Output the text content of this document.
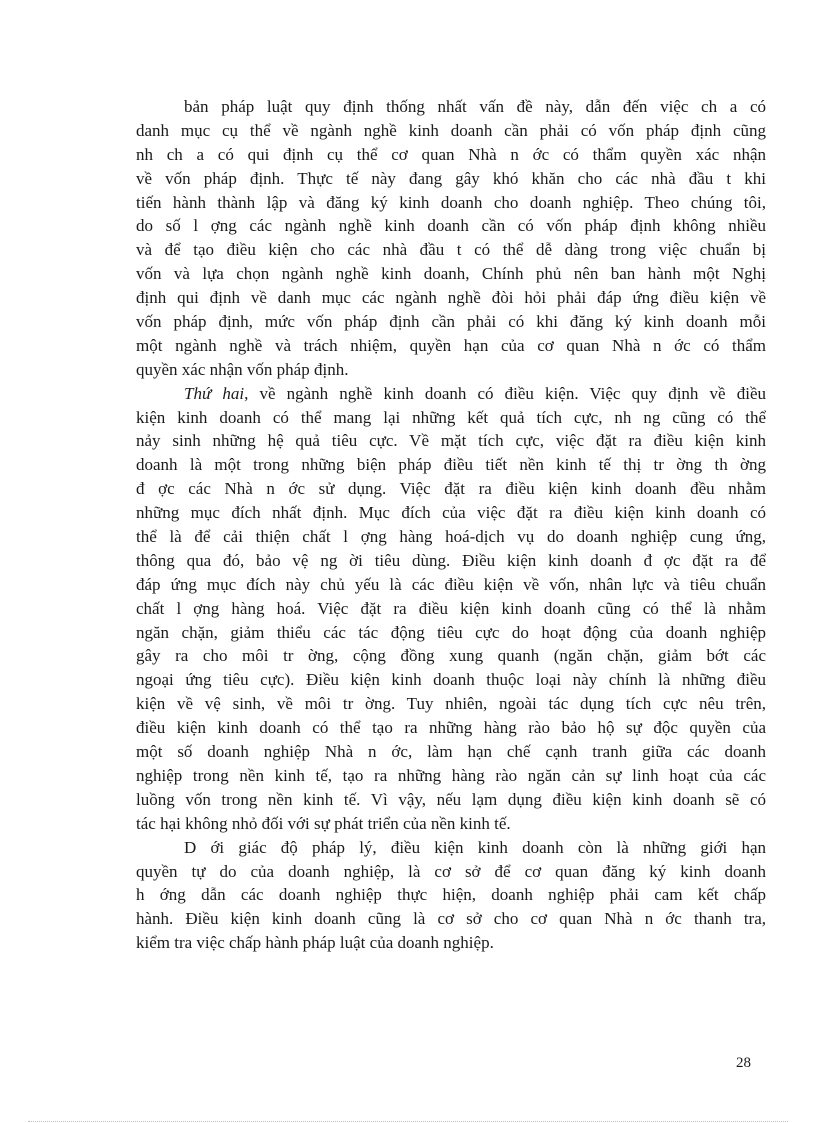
bản pháp luật quy định thống nhất vấn đề này, dẫn đến việc ch a có
danh mục cụ thể về ngành nghề kinh doanh cần phải có vốn pháp định cũng
nh ch a có qui định cụ thể cơ quan Nhà n ớc có thẩm quyền xác nhận
về vốn pháp định. Thực tế này đang gây khó khăn cho các nhà đầu t khi
tiến hành thành lập và đăng ký kinh doanh cho doanh nghiệp. Theo chúng tôi,
do số l ợng các ngành nghề kinh doanh cần có vốn pháp định không nhiều
và để tạo điều kiện cho các nhà đầu t có thể dễ dàng trong việc chuẩn bị
vốn và lựa chọn ngành nghề kinh doanh, Chính phủ nên ban hành một Nghị
định qui định về danh mục các ngành nghề đòi hỏi phải đáp ứng điều kiện về
vốn pháp định, mức vốn pháp định cần phải có khi đăng ký kinh doanh mỗi
một ngành nghề và trách nhiệm, quyền hạn của cơ quan Nhà n ớc có thẩm
quyền xác nhận vốn pháp định.
Thứ hai, về ngành nghề kinh doanh có điều kiện. Việc quy định về điều
kiện kinh doanh có thể mang lại những kết quả tích cực, nh ng cũng có thể
nảy sinh những hệ quả tiêu cực. Về mặt tích cực, việc đặt ra điều kiện kinh
doanh là một trong những biện pháp điều tiết nền kinh tế thị tr ờng th ờng
đ ợc các Nhà n ớc sử dụng. Việc đặt ra điều kiện kinh doanh đều nhằm
những mục đích nhất định. Mục đích của việc đặt ra điều kiện kinh doanh có
thể là để cải thiện chất l ợng hàng hoá-dịch vụ do doanh nghiệp cung ứng,
thông qua đó, bảo vệ ng ời tiêu dùng. Điều kiện kinh doanh đ ợc đặt ra để
đáp ứng mục đích này chủ yếu là các điều kiện về vốn, nhân lực và tiêu chuẩn
chất l ợng hàng hoá. Việc đặt ra điều kiện kinh doanh cũng có thể là nhằm
ngăn chặn, giảm thiểu các tác động tiêu cực do hoạt động của doanh nghiệp
gây ra cho môi tr ờng, cộng đồng xung quanh (ngăn chặn, giảm bớt các
ngoại ứng tiêu cực). Điều kiện kinh doanh thuộc loại này chính là những điều
kiện về vệ sinh, về môi tr ờng. Tuy nhiên, ngoài tác dụng tích cực nêu trên,
điều kiện kinh doanh có thể tạo ra những hàng rào bảo hộ sự độc quyền của
một số doanh nghiệp Nhà n ớc, làm hạn chế cạnh tranh giữa các doanh
nghiệp trong nền kinh tế, tạo ra những hàng rào ngăn cản sự linh hoạt của các
luồng vốn trong nền kinh tế. Vì vậy, nếu lạm dụng điều kiện kinh doanh sẽ có
tác hại không nhỏ đối với sự phát triển của nền kinh tế.
D ới giác độ pháp lý, điều kiện kinh doanh còn là những giới hạn
quyền tự do của doanh nghiệp, là cơ sở để cơ quan đăng ký kinh doanh
h ớng dẫn các doanh nghiệp thực hiện, doanh nghiệp phải cam kết chấp
hành. Điều kiện kinh doanh cũng là cơ sở cho cơ quan Nhà n ớc thanh tra,
kiểm tra việc chấp hành pháp luật của doanh nghiệp.
28
